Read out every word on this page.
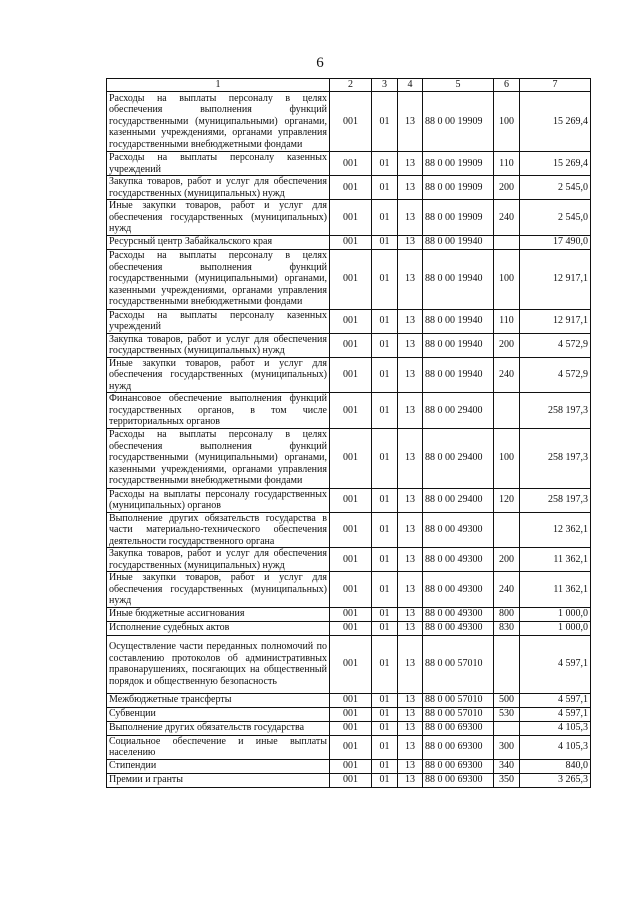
6
1	2	3	4	5	6	7
Расходы на выплаты персоналу в целях обеспечения выполнения функций государственными (муниципальными) органами, казенными учреждениями, органами управления государственными внебюджетными фондами	001	01	13	88 0 00 19909	100	15 269,4
Расходы на выплаты персоналу казенных учреждений	001	01	13	88 0 00 19909	110	15 269,4
Закупка товаров, работ и услуг для обеспечения государственных (муниципальных) нужд	001	01	13	88 0 00 19909	200	2 545,0
Иные закупки товаров, работ и услуг для обеспечения государственных (муниципальных) нужд	001	01	13	88 0 00 19909	240	2 545,0
Ресурсный центр Забайкальского края	001	01	13	88 0 00 19940		17 490,0
Расходы на выплаты персоналу в целях обеспечения выполнения функций государственными (муниципальными) органами, казенными учреждениями, органами управления государственными внебюджетными фондами	001	01	13	88 0 00 19940	100	12 917,1
Расходы на выплаты персоналу казенных учреждений	001	01	13	88 0 00 19940	110	12 917,1
Закупка товаров, работ и услуг для обеспечения государственных (муниципальных) нужд	001	01	13	88 0 00 19940	200	4 572,9
Иные закупки товаров, работ и услуг для обеспечения государственных (муниципальных) нужд	001	01	13	88 0 00 19940	240	4 572,9
Финансовое обеспечение выполнения функций государственных органов, в том числе территориальных органов	001	01	13	88 0 00 29400		258 197,3
Расходы на выплаты персоналу в целях обеспечения выполнения функций государственными (муниципальными) органами, казенными учреждениями, органами управления государственными внебюджетными фондами	001	01	13	88 0 00 29400	100	258 197,3
Расходы на выплаты персоналу государственных (муниципальных) органов	001	01	13	88 0 00 29400	120	258 197,3
Выполнение других обязательств государства в части материально-технического обеспечения деятельности государственного органа	001	01	13	88 0 00 49300		12 362,1
Закупка товаров, работ и услуг для обеспечения государственных (муниципальных) нужд	001	01	13	88 0 00 49300	200	11 362,1
Иные закупки товаров, работ и услуг для обеспечения государственных (муниципальных) нужд	001	01	13	88 0 00 49300	240	11 362,1
Иные бюджетные ассигнования	001	01	13	88 0 00 49300	800	1 000,0
Исполнение судебных актов	001	01	13	88 0 00 49300	830	1 000,0
Осуществление части переданных полномочий по составлению протоколов об административных правонарушениях, посягающих на общественный порядок и общественную безопасность	001	01	13	88 0 00 57010		4 597,1
Межбюджетные трансферты	001	01	13	88 0 00 57010	500	4 597,1
Субвенции	001	01	13	88 0 00 57010	530	4 597,1
Выполнение других обязательств государства	001	01	13	88 0 00 69300		4 105,3
Социальное обеспечение и иные выплаты населению	001	01	13	88 0 00 69300	300	4 105,3
Стипендии	001	01	13	88 0 00 69300	340	840,0
Премии и гранты	001	01	13	88 0 00 69300	350	3 265,3
